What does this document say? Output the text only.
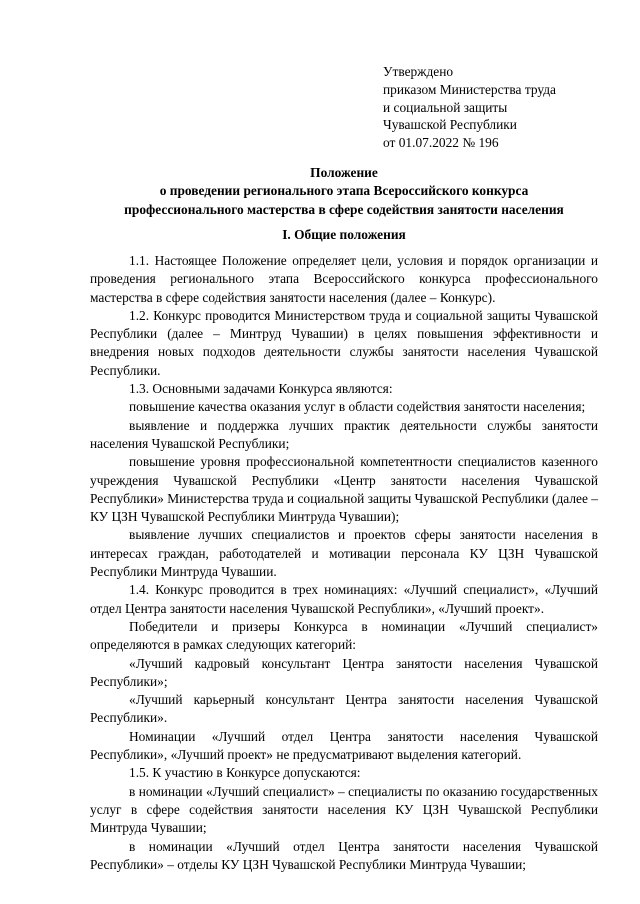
Утверждено
приказом Министерства труда
и социальной защиты
Чувашской Республики
от 01.07.2022 № 196
Положение
о проведении регионального этапа Всероссийского конкурса
профессионального мастерства в сфере содействия занятости населения
I. Общие положения

1.1. Настоящее Положение определяет цели, условия и порядок организации и проведения регионального этапа Всероссийского конкурса профессионального мастерства в сфере содействия занятости населения (далее – Конкурс).

1.2. Конкурс проводится Министерством труда и социальной защиты Чувашской Республики (далее – Минтруд Чувашии) в целях повышения эффективности и внедрения новых подходов деятельности службы занятости населения Чувашской Республики.

1.3. Основными задачами Конкурса являются:

повышение качества оказания услуг в области содействия занятости населения;

выявление и поддержка лучших практик деятельности службы занятости населения Чувашской Республики;

повышение уровня профессиональной компетентности специалистов казенного учреждения Чувашской Республики «Центр занятости населения Чувашской Республики» Министерства труда и социальной защиты Чувашской Республики (далее – КУ ЦЗН Чувашской Республики Минтруда Чувашии);

выявление лучших специалистов и проектов сферы занятости населения в интересах граждан, работодателей и мотивации персонала КУ ЦЗН Чувашской Республики Минтруда Чувашии.

1.4. Конкурс проводится в трех номинациях: «Лучший специалист», «Лучший отдел Центра занятости населения Чувашской Республики», «Лучший проект».

Победители и призеры Конкурса в номинации «Лучший специалист» определяются в рамках следующих категорий:

«Лучший кадровый консультант Центра занятости населения Чувашской Республики»;

«Лучший карьерный консультант Центра занятости населения Чувашской Республики».

Номинации «Лучший отдел Центра занятости населения Чувашской Республики», «Лучший проект» не предусматривают выделения категорий.

1.5. К участию в Конкурсе допускаются:

в номинации «Лучший специалист» – специалисты по оказанию государственных услуг в сфере содействия занятости населения КУ ЦЗН Чувашской Республики Минтруда Чувашии;

в номинации «Лучший отдел Центра занятости населения Чувашской Республики» – отделы КУ ЦЗН Чувашской Республики Минтруда Чувашии;
